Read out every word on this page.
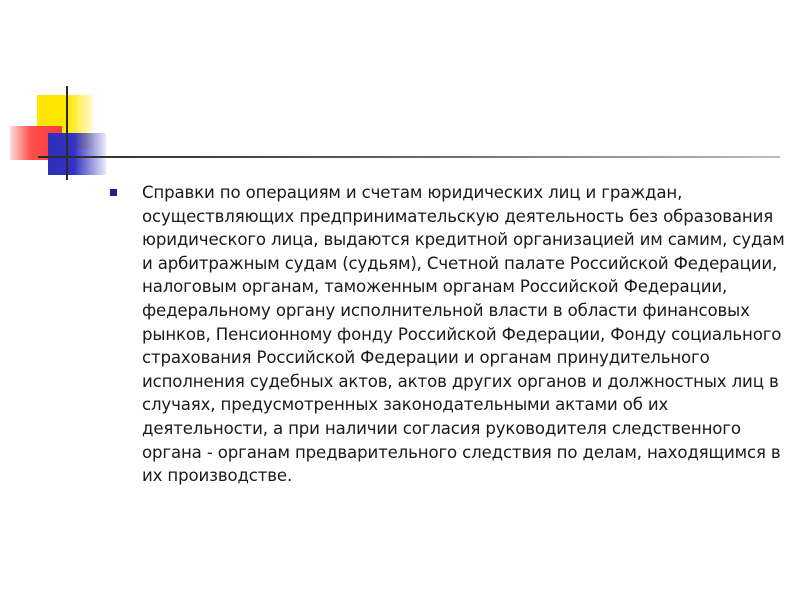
Справки по операциям и счетам юридических лиц и граждан, осуществляющих предпринимательскую деятельность без образования юридического лица, выдаются кредитной организацией им самим, судам и арбитражным судам (судьям), Счетной палате Российской Федерации, налоговым органам, таможенным органам Российской Федерации, федеральному органу исполнительной власти в области финансовых рынков, Пенсионному фонду Российской Федерации, Фонду социального страхования Российской Федерации и органам принудительного исполнения судебных актов, актов других органов и должностных лиц в случаях, предусмотренных законодательными актами об их деятельности, а при наличии согласия руководителя следственного органа - органам предварительного следствия по делам, находящимся в их производстве.
